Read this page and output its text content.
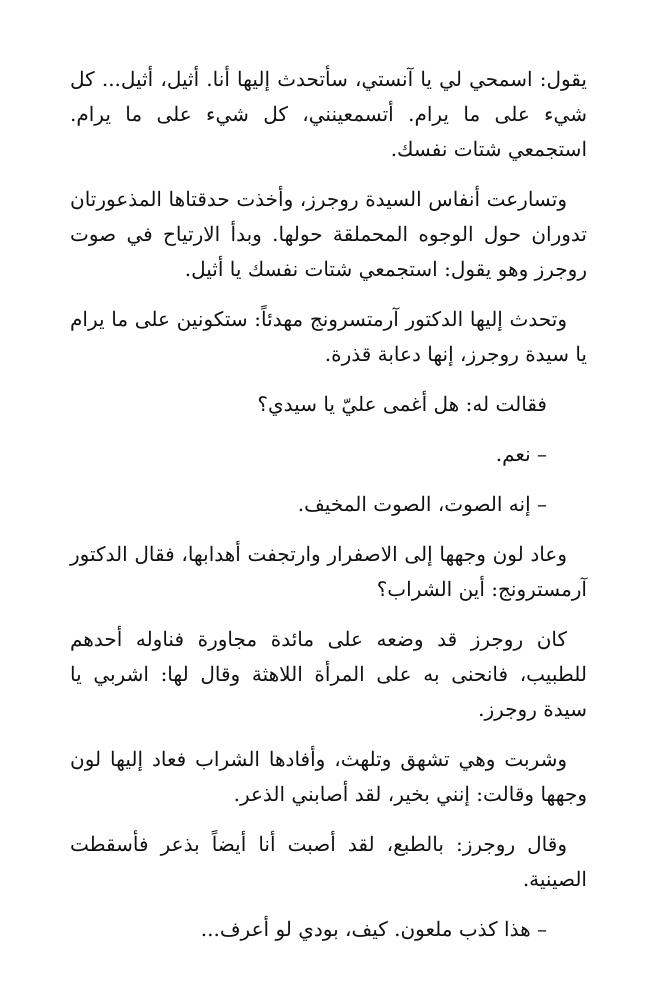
يقول: اسمحي لي يا آنستي، سأتحدث إليها أنا. أثيل، أثيل... كل شيء على ما يرام. أتسمعينني، كل شيء على ما يرام. استجمعي شتات نفسك.

وتسارعت أنفاس السيدة روجرز، وأخذت حدقتاها المذعورتان تدوران حول الوجوه المحملقة حولها. وبدأ الارتياح في صوت روجرز وهو يقول: استجمعي شتات نفسك يا أثيل.

وتحدث إليها الدكتور آرمتسرونج مهدئاً: ستكونين على ما يرام يا سيدة روجرز، إنها دعابة قذرة.

فقالت له: هل أغمى عليّ يا سيدي؟

– نعم.

– إنه الصوت، الصوت المخيف.

وعاد لون وجهها إلى الاصفرار وارتجفت أهدابها، فقال الدكتور آرمسترونج: أين الشراب؟

كان روجرز قد وضعه على مائدة مجاورة فناوله أحدهم للطبيب، فانحنى به على المرأة اللاهثة وقال لها: اشربي يا سيدة روجرز.

وشربت وهي تشهق وتلهث، وأفادها الشراب فعاد إليها لون وجهها وقالت: إنني بخير، لقد أصابني الذعر.

وقال روجرز: بالطبع، لقد أصبت أنا أيضاً بذعر فأسقطت الصينية.

– هذا كذب ملعون. كيف، بودي لو أعرف...
